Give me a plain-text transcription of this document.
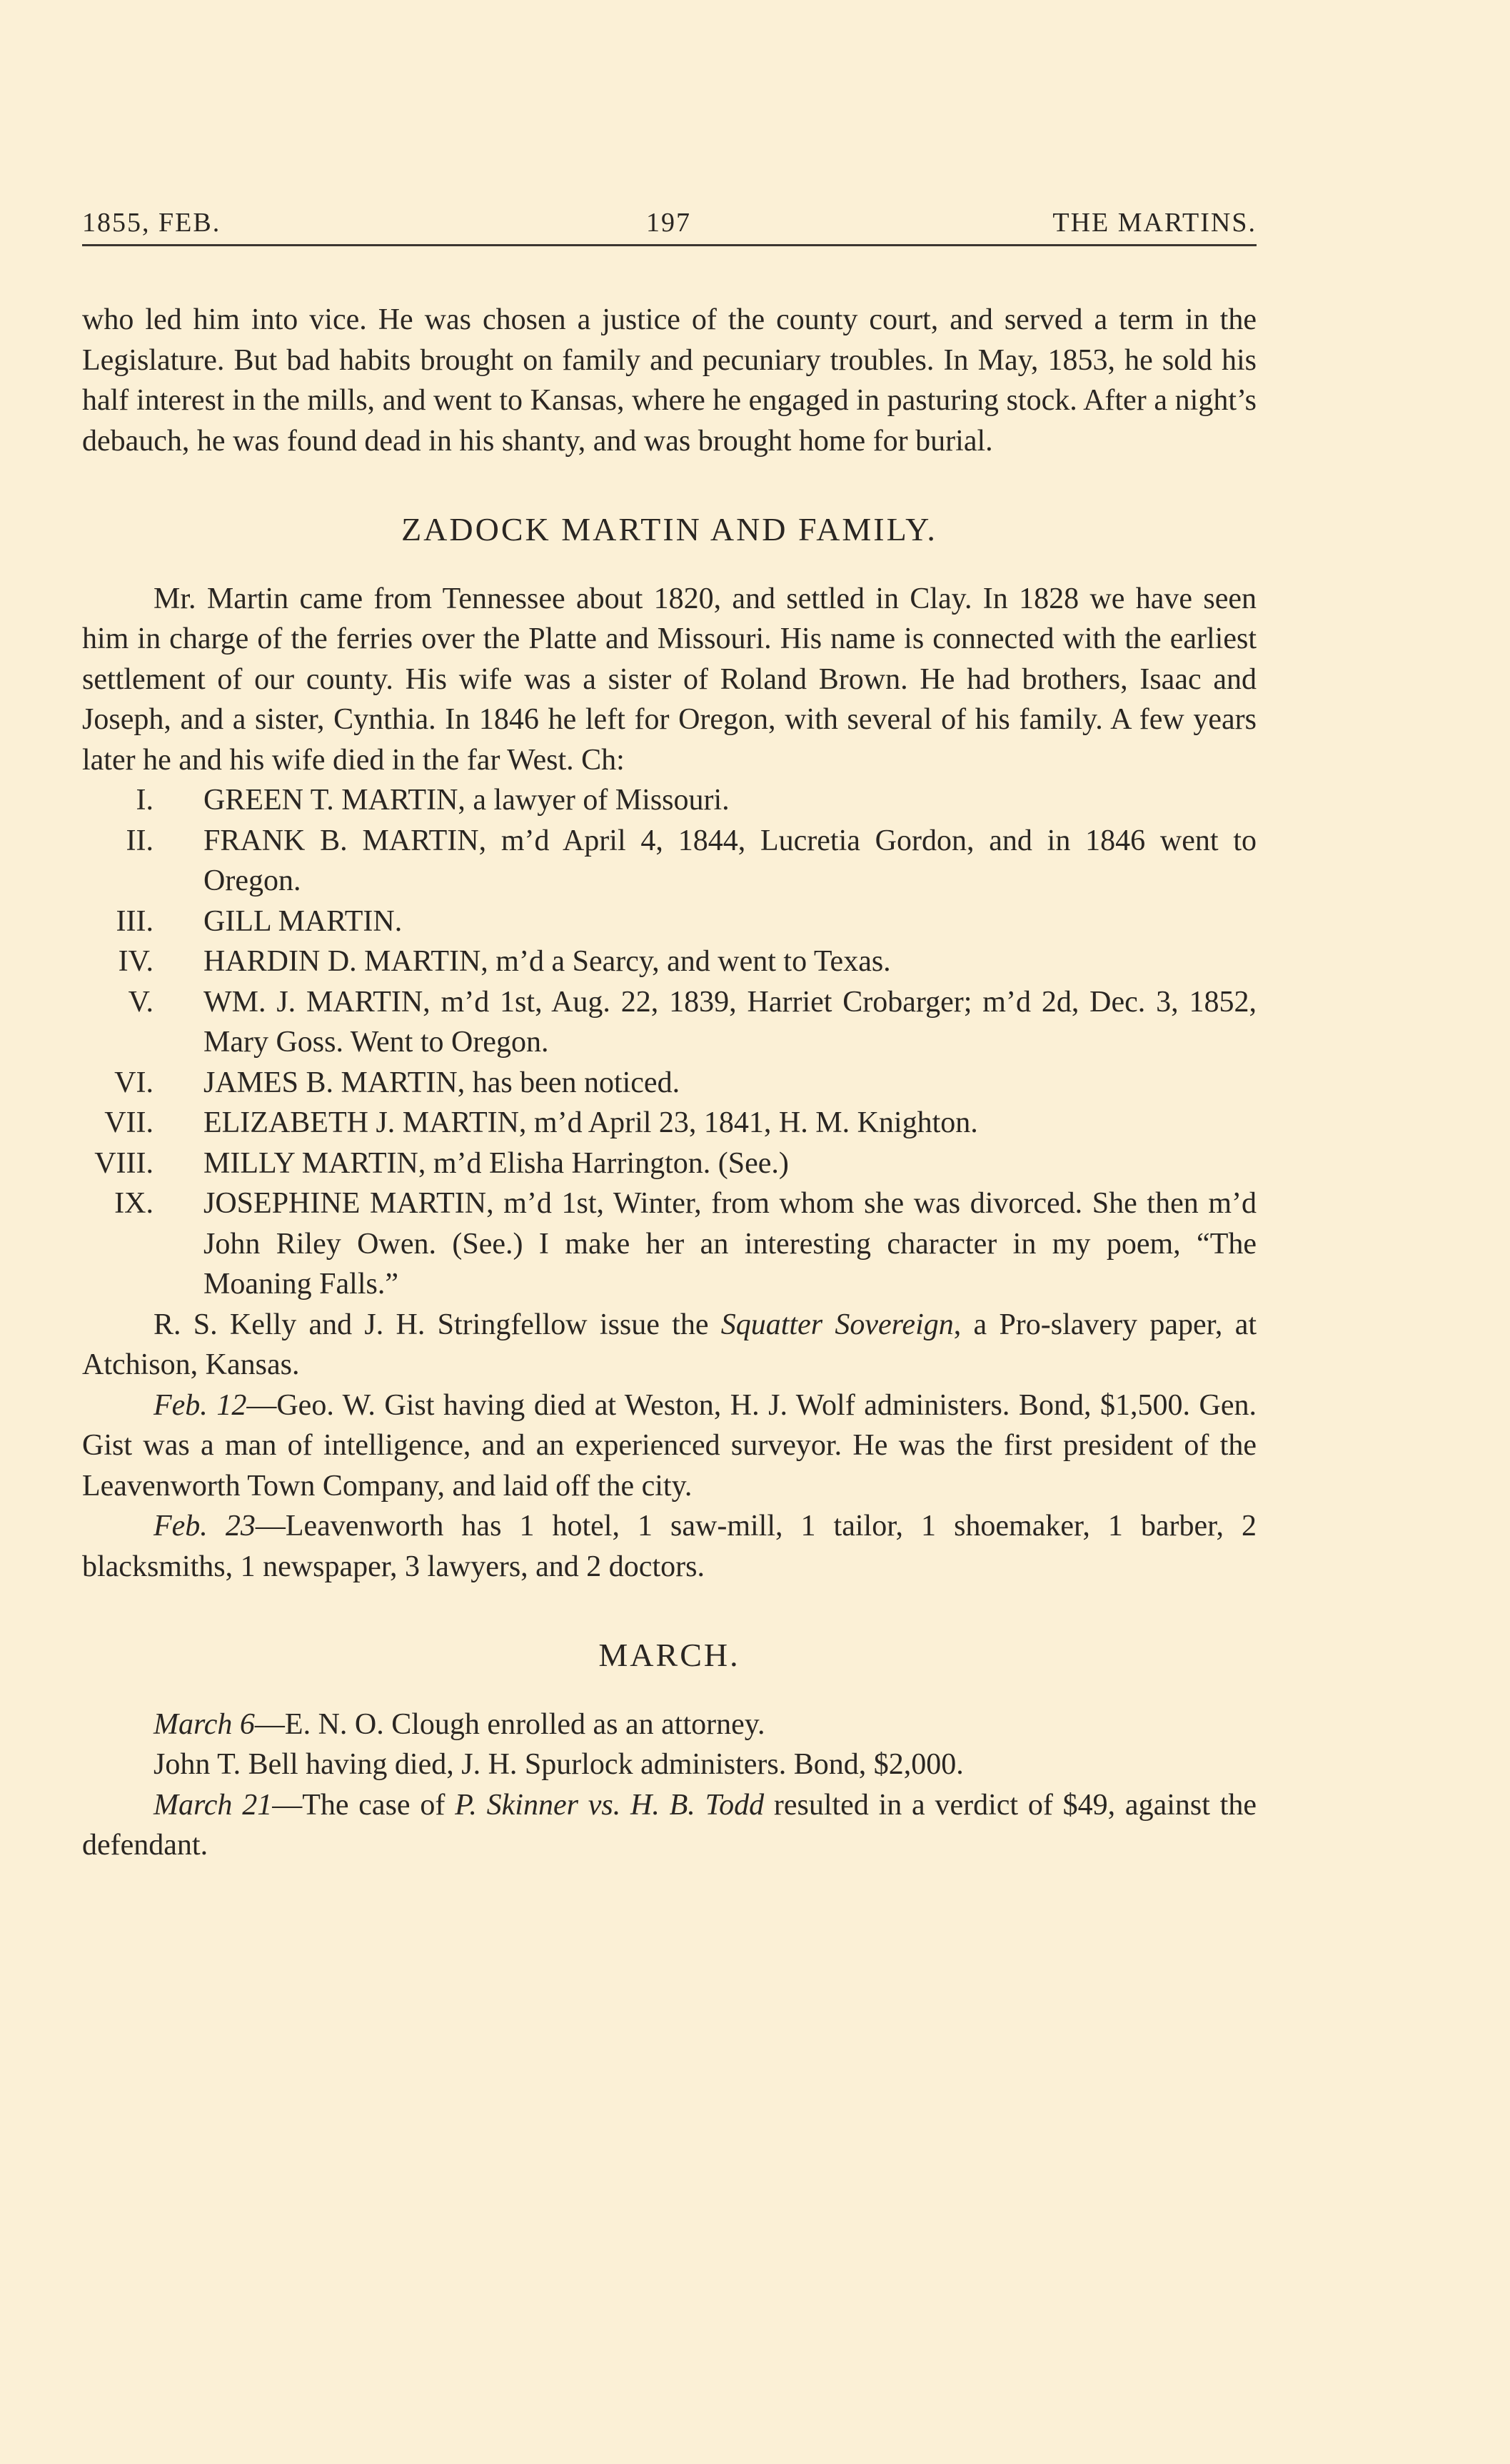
1855, FEB.	197	THE MARTINS.

who led him into vice. He was chosen a justice of the county court, and served a term in the Legislature. But bad habits brought on family and pecuniary troubles. In May, 1853, he sold his half interest in the mills, and went to Kansas, where he engaged in pasturing stock. After a night’s debauch, he was found dead in his shanty, and was brought home for burial.

ZADOCK MARTIN AND FAMILY.

Mr. Martin came from Tennessee about 1820, and settled in Clay. In 1828 we have seen him in charge of the ferries over the Platte and Missouri. His name is connected with the earliest settlement of our county. His wife was a sister of Roland Brown. He had brothers, Isaac and Joseph, and a sister, Cynthia. In 1846 he left for Oregon, with several of his family. A few years later he and his wife died in the far West. Ch:

I. GREEN T. MARTIN, a lawyer of Missouri.

II. FRANK B. MARTIN, m’d April 4, 1844, Lucretia Gordon, and in 1846 went to Oregon.

III. GILL MARTIN.

IV. HARDIN D. MARTIN, m’d a Searcy, and went to Texas.

V. WM. J. MARTIN, m’d 1st, Aug. 22, 1839, Harriet Crobarger; m’d 2d, Dec. 3, 1852, Mary Goss. Went to Oregon.

VI. JAMES B. MARTIN, has been noticed.

VII. ELIZABETH J. MARTIN, m’d April 23, 1841, H. M. Knighton.

VIII. MILLY MARTIN, m’d Elisha Harrington. (See.)

IX. JOSEPHINE MARTIN, m’d 1st, Winter, from whom she was divorced. She then m’d John Riley Owen. (See.) I make her an interesting character in my poem, “The Moaning Falls.”

R. S. Kelly and J. H. Stringfellow issue the Squatter Sovereign, a Pro-slavery paper, at Atchison, Kansas.

Feb. 12—Geo. W. Gist having died at Weston, H. J. Wolf administers. Bond, $1,500. Gen. Gist was a man of intelligence, and an experienced surveyor. He was the first president of the Leavenworth Town Company, and laid off the city.

Feb. 23—Leavenworth has 1 hotel, 1 saw-mill, 1 tailor, 1 shoemaker, 1 barber, 2 blacksmiths, 1 newspaper, 3 lawyers, and 2 doctors.

MARCH.

March 6—E. N. O. Clough enrolled as an attorney.

John T. Bell having died, J. H. Spurlock administers. Bond, $2,000.

March 21—The case of P. Skinner vs. H. B. Todd resulted in a verdict of $49, against the defendant.
